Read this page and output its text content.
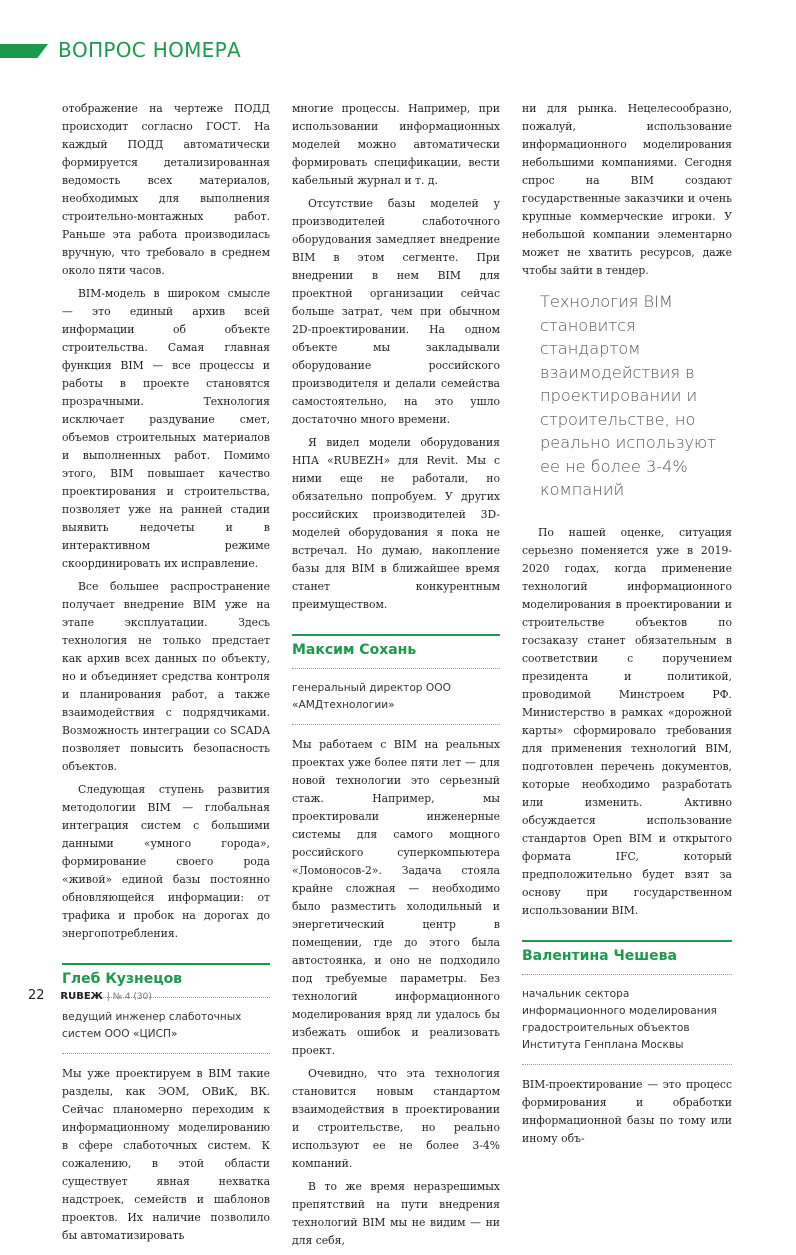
ВОПРОС НОМЕРА

отображение на чертеже ПОДД происходит согласно ГОСТ. На каждый ПОДД автоматически формируется детализированная ведомость всех материалов, необходимых для выполнения строительно-монтажных работ. Раньше эта работа производилась вручную, что требовало в среднем около пяти часов.

BIM-модель в широком смысле — это единый архив всей информации об объекте строительства. Самая главная функция BIM — все процессы и работы в проекте становятся прозрачными. Технология исключает раздувание смет, объемов строительных материалов и выполненных работ. Помимо этого, BIM повышает качество проектирования и строительства, позволяет уже на ранней стадии выявить недочеты и в интерактивном режиме скоординировать их исправление.

Все большее распространение получает внедрение BIM уже на этапе эксплуатации. Здесь технология не только предстает как архив всех данных по объекту, но и объединяет средства контроля и планирования работ, а также взаимодействия с подрядчиками. Возможность интеграции со SCADA позволяет повысить безопасность объектов.

Следующая ступень развития методологии BIM — глобальная интеграция систем с большими данными «умного города», формирование своего рода «живой» единой базы постоянно обновляющейся информации: от трафика и пробок на дорогах до энергопотребления.

Глеб Кузнецов
ведущий инженер слаботочных систем ООО «ЦИСП»

Мы уже проектируем в BIM такие разделы, как ЭОМ, ОВиК, ВК. Сейчас планомерно переходим к информационному моделированию в сфере слаботочных систем. К сожалению, в этой области существует явная нехватка надстроек, семейств и шаблонов проектов. Их наличие позволило бы автоматизировать

многие процессы. Например, при использовании информационных моделей можно автоматически формировать спецификации, вести кабельный журнал и т. д.

Отсутствие базы моделей у производителей слаботочного оборудования замедляет внедрение BIM в этом сегменте. При внедрении в нем BIM для проектной организации сейчас больше затрат, чем при обычном 2D-проектировании. На одном объекте мы закладывали оборудование российского производителя и делали семейства самостоятельно, на это ушло достаточно много времени.

Я видел модели оборудования НПА «RUBEZH» для Revit. Мы с ними еще не работали, но обязательно попробуем. У других российских производителей 3D-моделей оборудования я пока не встречал. Но думаю, накопление базы для BIM в ближайшее время станет конкурентным преимуществом.

Максим Сохань
генеральный директор ООО «АМДтехнологии»

Мы работаем с BIM на реальных проектах уже более пяти лет — для новой технологии это серьезный стаж. Например, мы проектировали инженерные системы для самого мощного российского суперкомпьютера «Ломоносов-2». Задача стояла крайне сложная — необходимо было разместить холодильный и энергетический центр в помещении, где до этого была автостоянка, и оно не подходило под требуемые параметры. Без технологий информационного моделирования вряд ли удалось бы избежать ошибок и реализовать проект.

Очевидно, что эта технология становится новым стандартом взаимодействия в проектировании и строительстве, но реально используют ее не более 3-4% компаний.

В то же время неразрешимых препятствий на пути внедрения технологий BIM мы не видим — ни для себя,

ни для рынка. Нецелесообразно, пожалуй, использование информационного моделирования небольшими компаниями. Сегодня спрос на BIM создают государственные заказчики и очень крупные коммерческие игроки. У небольшой компании элементарно может не хватить ресурсов, даже чтобы зайти в тендер.

Технология BIM становится стандартом взаимодействия в проектировании и строительстве, но реально используют ее не более 3-4% компаний

По нашей оценке, ситуация серьезно поменяется уже в 2019-2020 годах, когда применение технологий информационного моделирования в проектировании и строительстве объектов по госзаказу станет обязательным в соответствии с поручением президента и политикой, проводимой Минстроем РФ. Министерство в рамках «дорожной карты» сформировало требования для применения технологий BIM, подготовлен перечень документов, которые необходимо разработать или изменить. Активно обсуждается использование стандартов Open BIM и открытого формата IFC, который предположительно будет взят за основу при государственном использовании BIM.

Валентина Чешева
начальник сектора информационного моделирования градостроительных объектов Института Генплана Москвы

BIM-проектирование — это процесс формирования и обработки информационной базы по тому или иному объ-

22 RUBEЖ | № 4 (30)
